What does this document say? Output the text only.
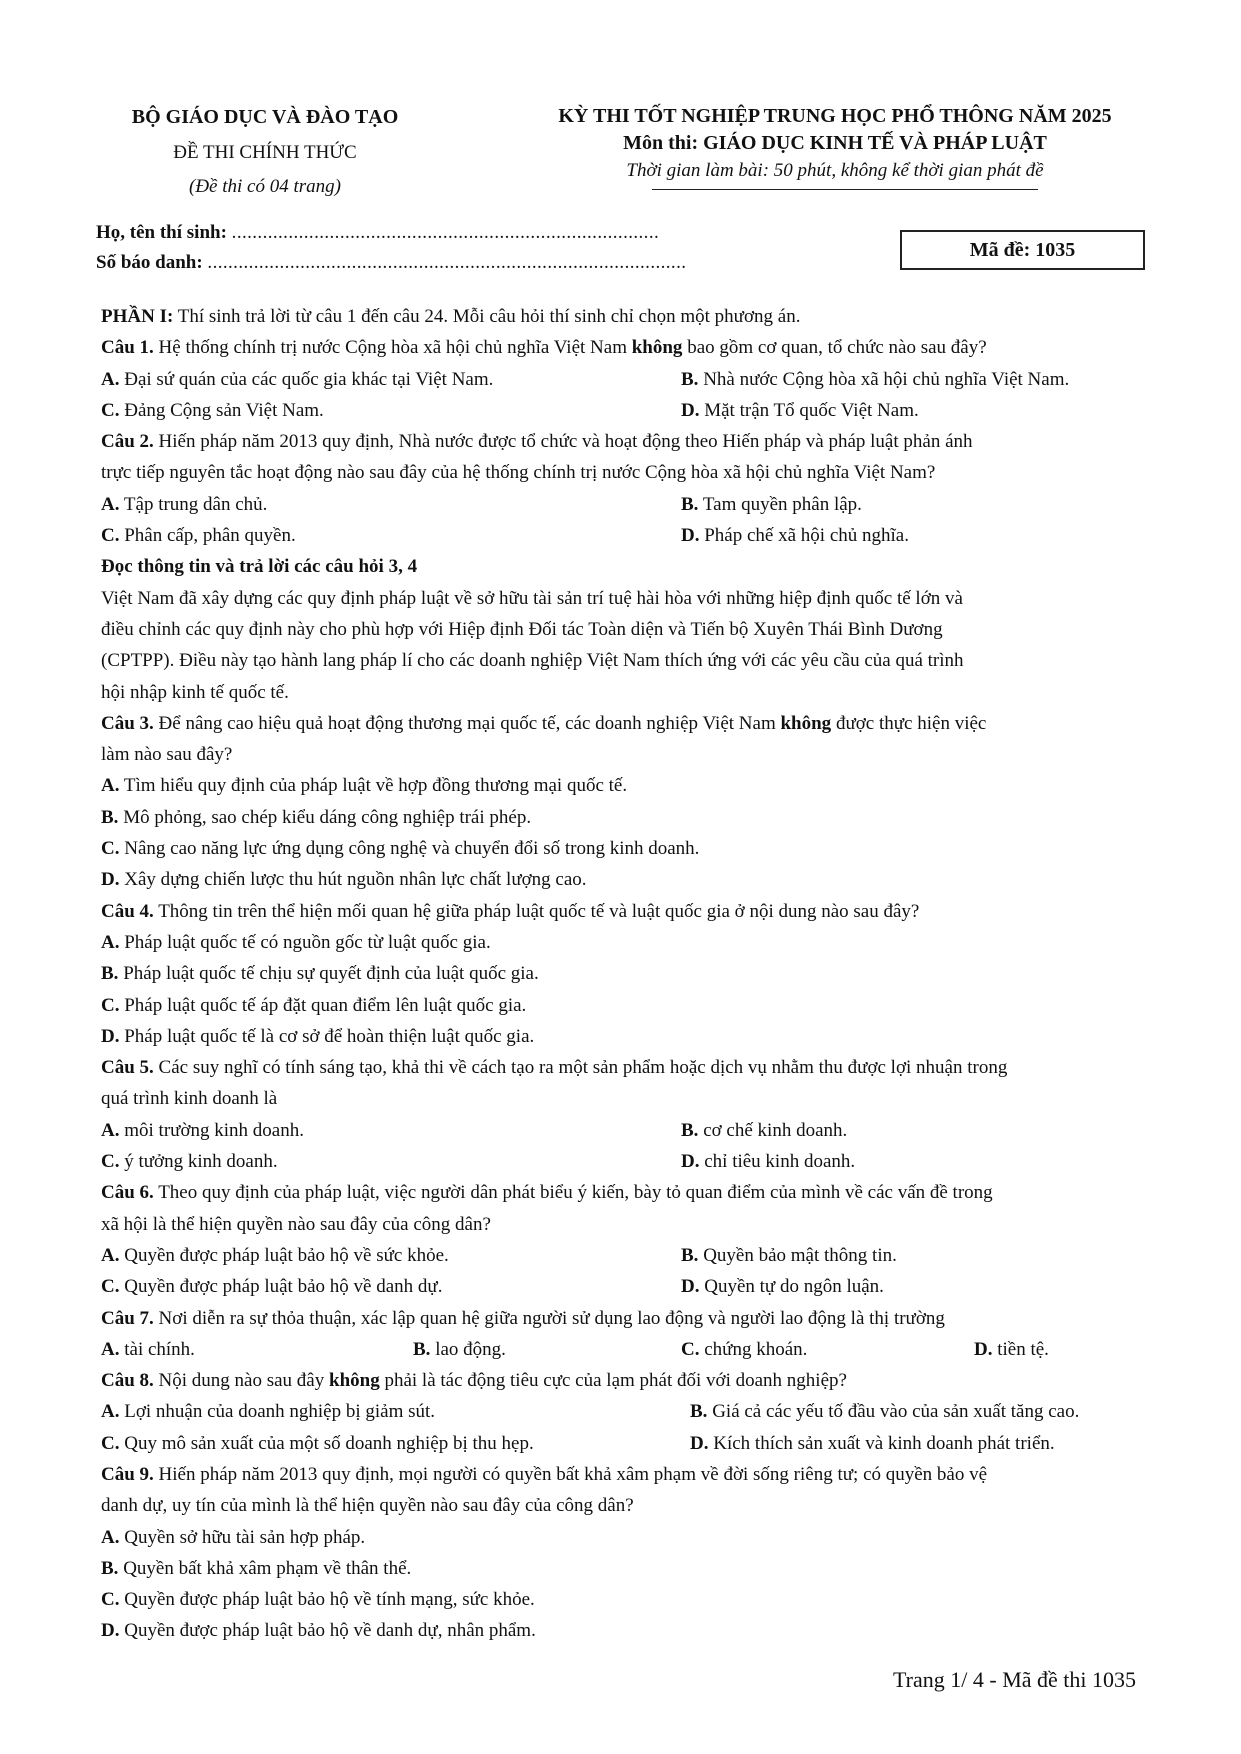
BỘ GIÁO DỤC VÀ ĐÀO TẠO
ĐỀ THI CHÍNH THỨC
(Đề thi có 04 trang)
KỲ THI TỐT NGHIỆP TRUNG HỌC PHỔ THÔNG NĂM 2025
Môn thi: GIÁO DỤC KINH TẾ VÀ PHÁP LUẬT
Thời gian làm bài: 50 phút, không kể thời gian phát đề
Họ, tên thí sinh: ...................................................................................
Số báo danh: .............................................................................................
Mã đề: 1035
PHẦN I: Thí sinh trả lời từ câu 1 đến câu 24. Mỗi câu hỏi thí sinh chỉ chọn một phương án.
Câu 1. Hệ thống chính trị nước Cộng hòa xã hội chủ nghĩa Việt Nam không bao gồm cơ quan, tổ chức nào sau đây?
A. Đại sứ quán của các quốc gia khác tại Việt Nam.	B. Nhà nước Cộng hòa xã hội chủ nghĩa Việt Nam.
C. Đảng Cộng sản Việt Nam.	D. Mặt trận Tổ quốc Việt Nam.
Câu 2. Hiến pháp năm 2013 quy định, Nhà nước được tổ chức và hoạt động theo Hiến pháp và pháp luật phản ánh
trực tiếp nguyên tắc hoạt động nào sau đây của hệ thống chính trị nước Cộng hòa xã hội chủ nghĩa Việt Nam?
A. Tập trung dân chủ.	B. Tam quyền phân lập.
C. Phân cấp, phân quyền.	D. Pháp chế xã hội chủ nghĩa.
Đọc thông tin và trả lời các câu hỏi 3, 4
Việt Nam đã xây dựng các quy định pháp luật về sở hữu tài sản trí tuệ hài hòa với những hiệp định quốc tế lớn và
điều chỉnh các quy định này cho phù hợp với Hiệp định Đối tác Toàn diện và Tiến bộ Xuyên Thái Bình Dương
(CPTPP). Điều này tạo hành lang pháp lí cho các doanh nghiệp Việt Nam thích ứng với các yêu cầu của quá trình
hội nhập kinh tế quốc tế.
Câu 3. Để nâng cao hiệu quả hoạt động thương mại quốc tế, các doanh nghiệp Việt Nam không được thực hiện việc
làm nào sau đây?
A. Tìm hiểu quy định của pháp luật về hợp đồng thương mại quốc tế.
B. Mô phỏng, sao chép kiểu dáng công nghiệp trái phép.
C. Nâng cao năng lực ứng dụng công nghệ và chuyển đổi số trong kinh doanh.
D. Xây dựng chiến lược thu hút nguồn nhân lực chất lượng cao.
Câu 4. Thông tin trên thể hiện mối quan hệ giữa pháp luật quốc tế và luật quốc gia ở nội dung nào sau đây?
A. Pháp luật quốc tế có nguồn gốc từ luật quốc gia.
B. Pháp luật quốc tế chịu sự quyết định của luật quốc gia.
C. Pháp luật quốc tế áp đặt quan điểm lên luật quốc gia.
D. Pháp luật quốc tế là cơ sở để hoàn thiện luật quốc gia.
Câu 5. Các suy nghĩ có tính sáng tạo, khả thi về cách tạo ra một sản phẩm hoặc dịch vụ nhằm thu được lợi nhuận trong
quá trình kinh doanh là
A. môi trường kinh doanh.	B. cơ chế kinh doanh.
C. ý tưởng kinh doanh.	D. chỉ tiêu kinh doanh.
Câu 6. Theo quy định của pháp luật, việc người dân phát biểu ý kiến, bày tỏ quan điểm của mình về các vấn đề trong
xã hội là thể hiện quyền nào sau đây của công dân?
A. Quyền được pháp luật bảo hộ về sức khỏe.	B. Quyền bảo mật thông tin.
C. Quyền được pháp luật bảo hộ về danh dự.	D. Quyền tự do ngôn luận.
Câu 7. Nơi diễn ra sự thỏa thuận, xác lập quan hệ giữa người sử dụng lao động và người lao động là thị trường
A. tài chính.	B. lao động.	C. chứng khoán.	D. tiền tệ.
Câu 8. Nội dung nào sau đây không phải là tác động tiêu cực của lạm phát đối với doanh nghiệp?
A. Lợi nhuận của doanh nghiệp bị giảm sút.	B. Giá cả các yếu tố đầu vào của sản xuất tăng cao.
C. Quy mô sản xuất của một số doanh nghiệp bị thu hẹp.	D. Kích thích sản xuất và kinh doanh phát triển.
Câu 9. Hiến pháp năm 2013 quy định, mọi người có quyền bất khả xâm phạm về đời sống riêng tư; có quyền bảo vệ
danh dự, uy tín của mình là thể hiện quyền nào sau đây của công dân?
A. Quyền sở hữu tài sản hợp pháp.
B. Quyền bất khả xâm phạm về thân thể.
C. Quyền được pháp luật bảo hộ về tính mạng, sức khỏe.
D. Quyền được pháp luật bảo hộ về danh dự, nhân phẩm.
Trang 1/ 4 - Mã đề thi 1035
